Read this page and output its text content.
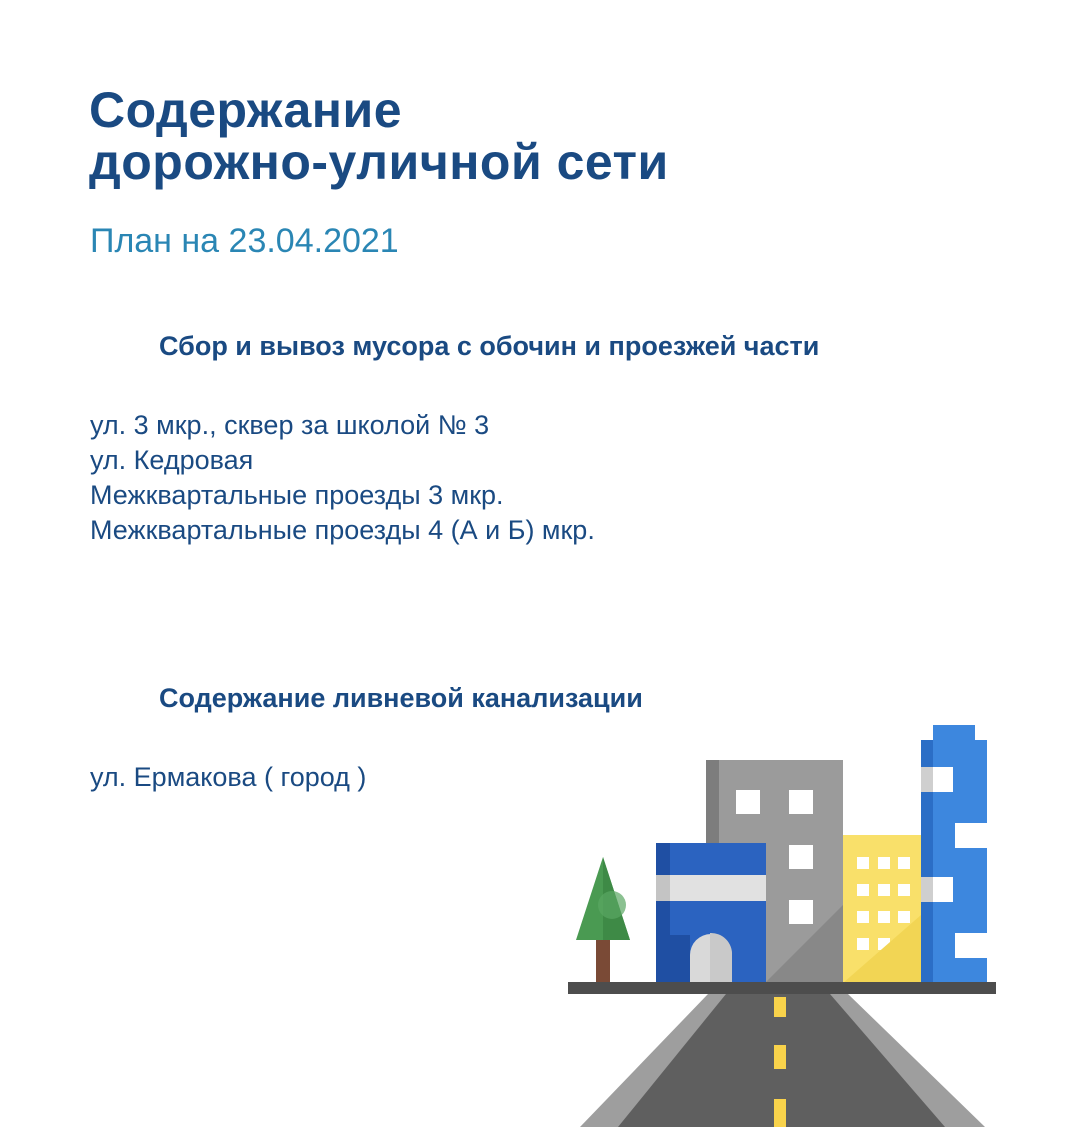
Содержание
дорожно-уличной сети

План на 23.04.2021

Сбор и вывоз мусора с обочин и проезжей части
ул. 3 мкр., сквер за школой № 3
ул. Кедровая
Межквартальные проезды 3 мкр.
Межквартальные проезды 4 (А и Б) мкр.
Содержание ливневой канализации
ул. Ермакова ( город )
